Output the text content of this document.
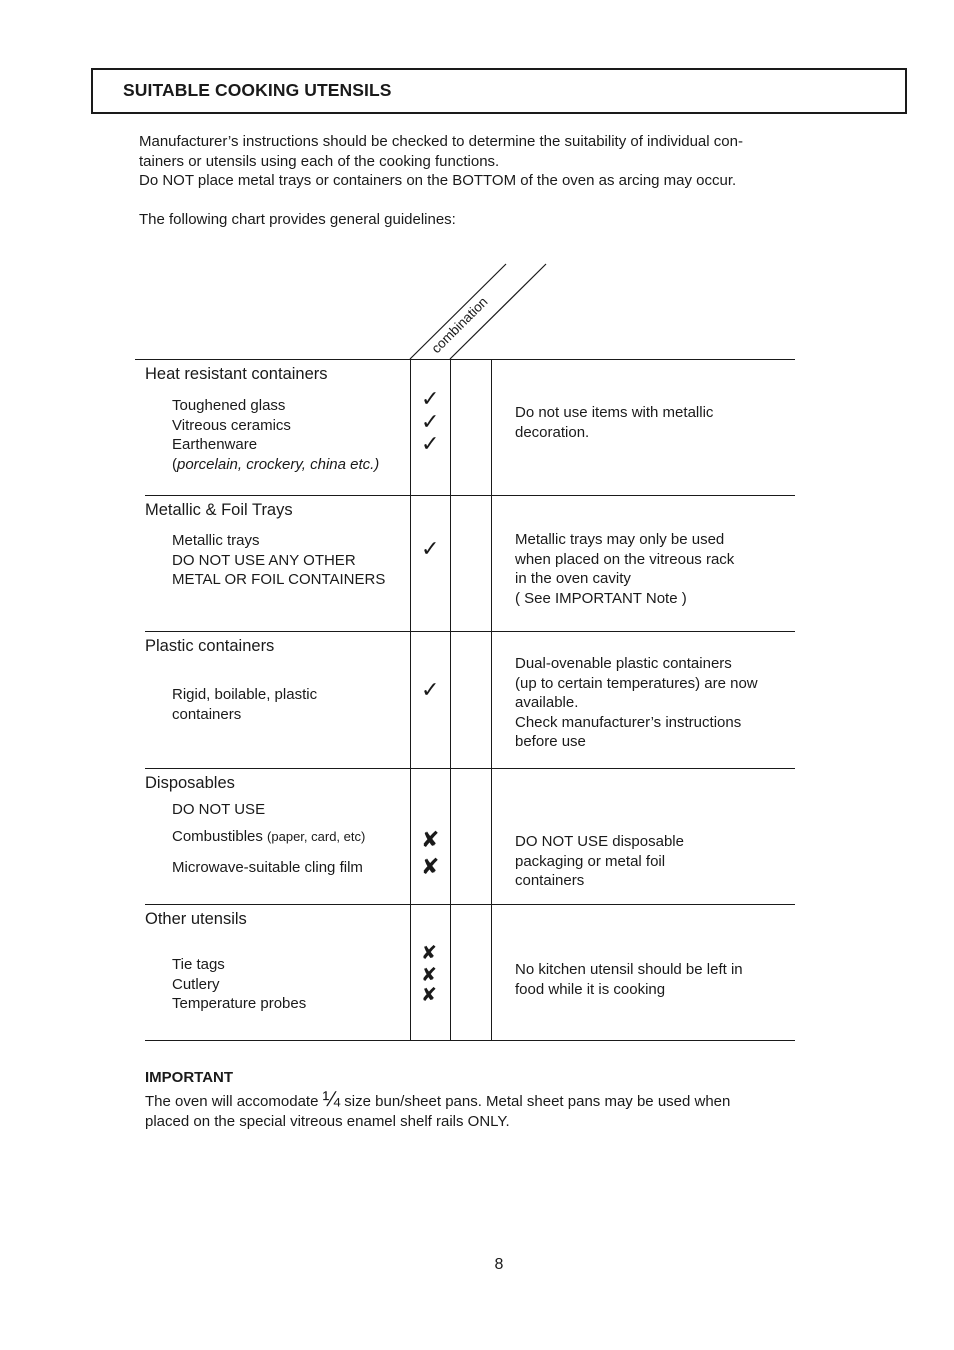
SUITABLE COOKING UTENSILS

Manufacturer’s instructions should be checked to determine the suitability of individual con-

tainers or utensils using each of the cooking functions.

Do NOT place metal trays or containers on the BOTTOM of the oven as arcing may occur.

The following chart provides general guidelines:

combination
Heat resistant containers
Toughened glass
Vitreous ceramics
Earthenware
(porcelain, crockery, china etc.)
✓
✓
✓
Do not use items with metallic
decoration.
Metallic & Foil Trays
Metallic trays
DO NOT USE ANY OTHER
METAL OR FOIL CONTAINERS
✓	Metallic trays may only be used
when placed on the vitreous rack
in the oven cavity
( See IMPORTANT Note )
Plastic containers
Rigid, boilable, plastic
containers
✓
Dual-ovenable plastic containers
(up to certain temperatures) are now
available.
Check manufacturer’s instructions
before use
Disposables
DO NOT USE
Combustibles (paper, card, etc)
Microwave-suitable cling film
✘
✘
DO NOT USE disposable
packaging or metal foil
containers
Other utensils
Tie tags
Cutlery
Temperature probes
✘
✘
✘
No kitchen utensil should be left in
food while it is cooking
IMPORTANT
The oven will accomodate ¼ size bun/sheet pans. Metal sheet pans may be used when
placed on the special vitreous enamel shelf rails ONLY.
8
